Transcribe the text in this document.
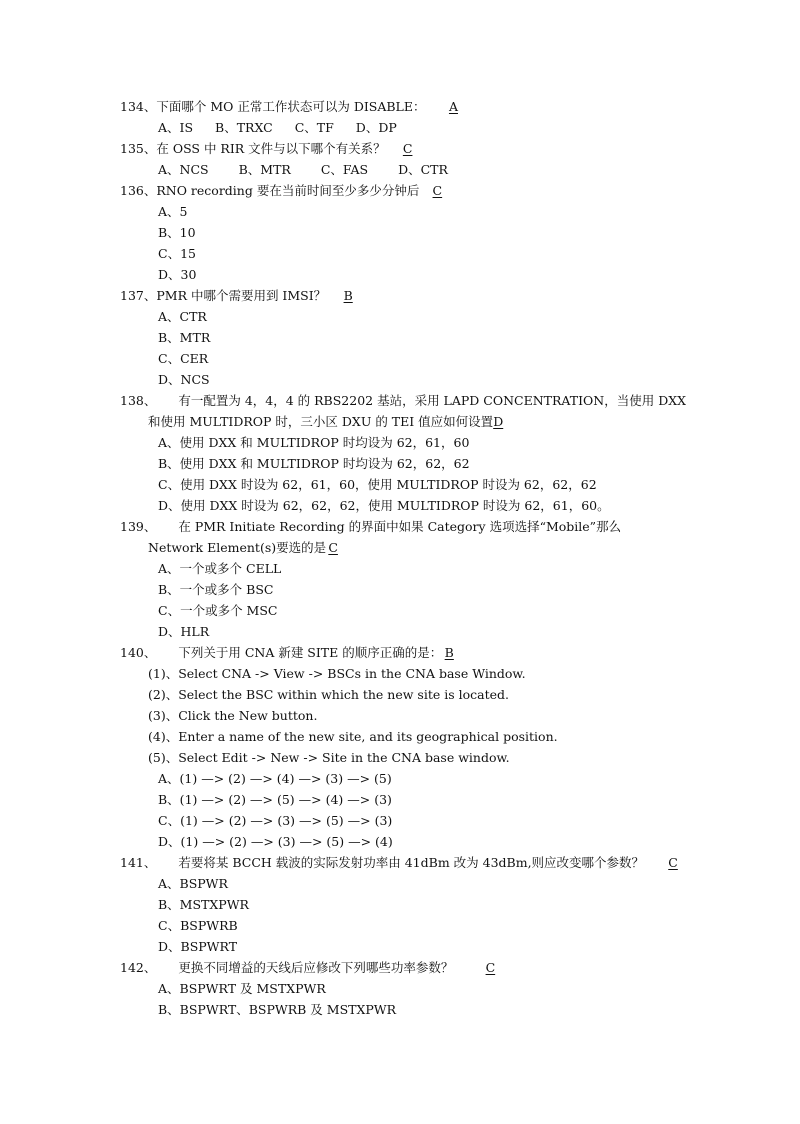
134、下面哪个 MO 正常工作状态可以为 DISABLE： A
A、IS B、TRXC C、TF D、DP
135、在 OSS 中 RIR 文件与以下哪个有关系？ C
A、NCS B、MTR C、FAS D、CTR
136、RNO recording 要在当前时间至少多少分钟后 C
A、5
B、10
C、15
D、30
137、PMR 中哪个需要用到 IMSI？ B
A、CTR
B、MTR
C、CER
D、NCS
138、 有一配置为 4，4，4 的 RBS2202 基站，采用 LAPD CONCENTRATION，当使用 DXX
和使用 MULTIDROP 时，三小区 DXU 的 TEI 值应如何设置D
A、使用 DXX 和 MULTIDROP 时均设为 62，61，60
B、使用 DXX 和 MULTIDROP 时均设为 62，62，62
C、使用 DXX 时设为 62，61，60，使用 MULTIDROP 时设为 62，62，62
D、使用 DXX 时设为 62，62，62，使用 MULTIDROP 时设为 62，61，60。
139、 在 PMR Initiate Recording 的界面中如果 Category 选项选择“Mobile”那么
Network Element(s)要选的是 C
A、一个或多个 CELL
B、一个或多个 BSC
C、一个或多个 MSC
D、HLR
140、 下列关于用 CNA 新建 SITE 的顺序正确的是： B
(1)、Select CNA -> View -> BSCs in the CNA base Window.
(2)、Select the BSC within which the new site is located.
(3)、Click the New button.
(4)、Enter a name of the new site, and its geographical position.
(5)、Select Edit -> New -> Site in the CNA base window.
A、(1) —> (2) —> (4) —> (3) —> (5)
B、(1) —> (2) —> (5) —> (4) —> (3)
C、(1) —> (2) —> (3) —> (5) —> (3)
D、(1) —> (2) —> (3) —> (5) —> (4)
141、 若要将某 BCCH 载波的实际发射功率由 41dBm 改为 43dBm,则应改变哪个参数？ C
A、BSPWR
B、MSTXPWR
C、BSPWRB
D、BSPWRT
142、 更换不同增益的天线后应修改下列哪些功率参数？	C
A、BSPWRT 及 MSTXPWR
B、BSPWRT、BSPWRB 及 MSTXPWR
